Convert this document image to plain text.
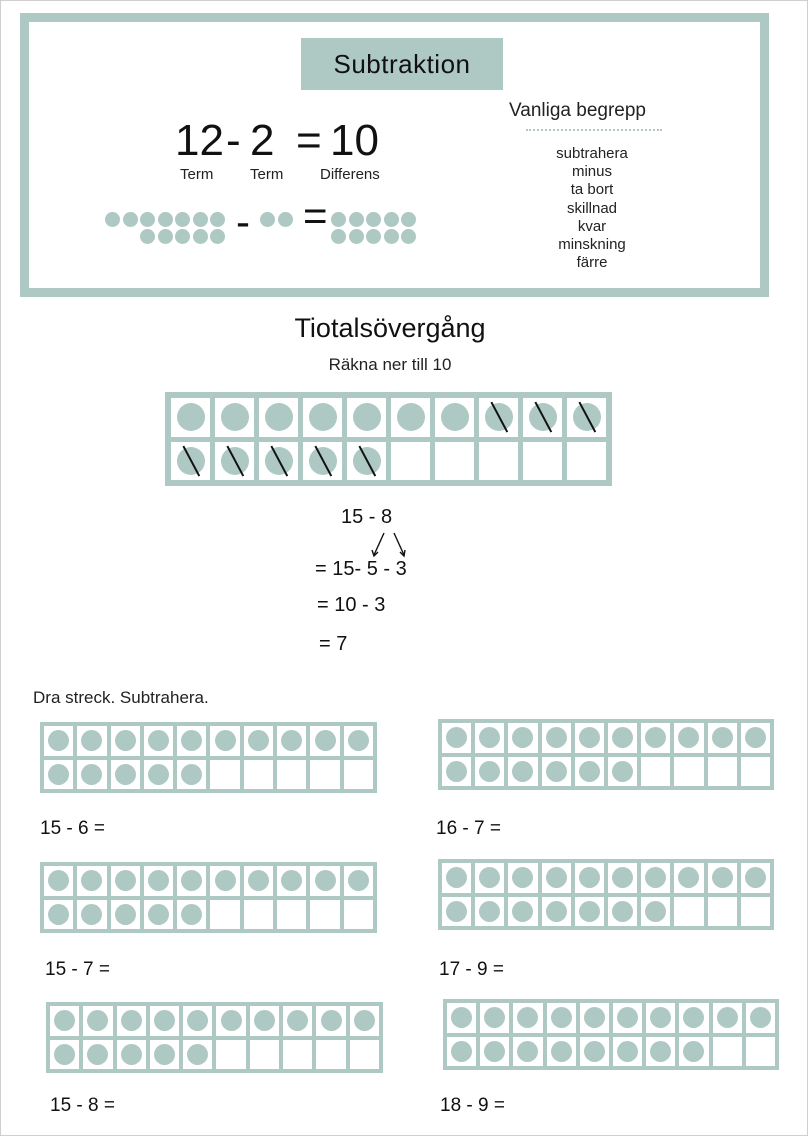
Subtraktion
12 - 2 = 10
Term Term Differens
- =
Vanliga begrepp
subtrahera
minus
ta bort
skillnad
kvar
minskning
färre
Tiotalsövergång
Räkna ner till 10
15 - 8
= 15- 5 - 3
= 10 - 3
= 7
Dra streck. Subtrahera.
15 - 6 =	16 - 7 =
15 - 7 =	17 - 9 =
15 - 8 =	18 - 9 =
